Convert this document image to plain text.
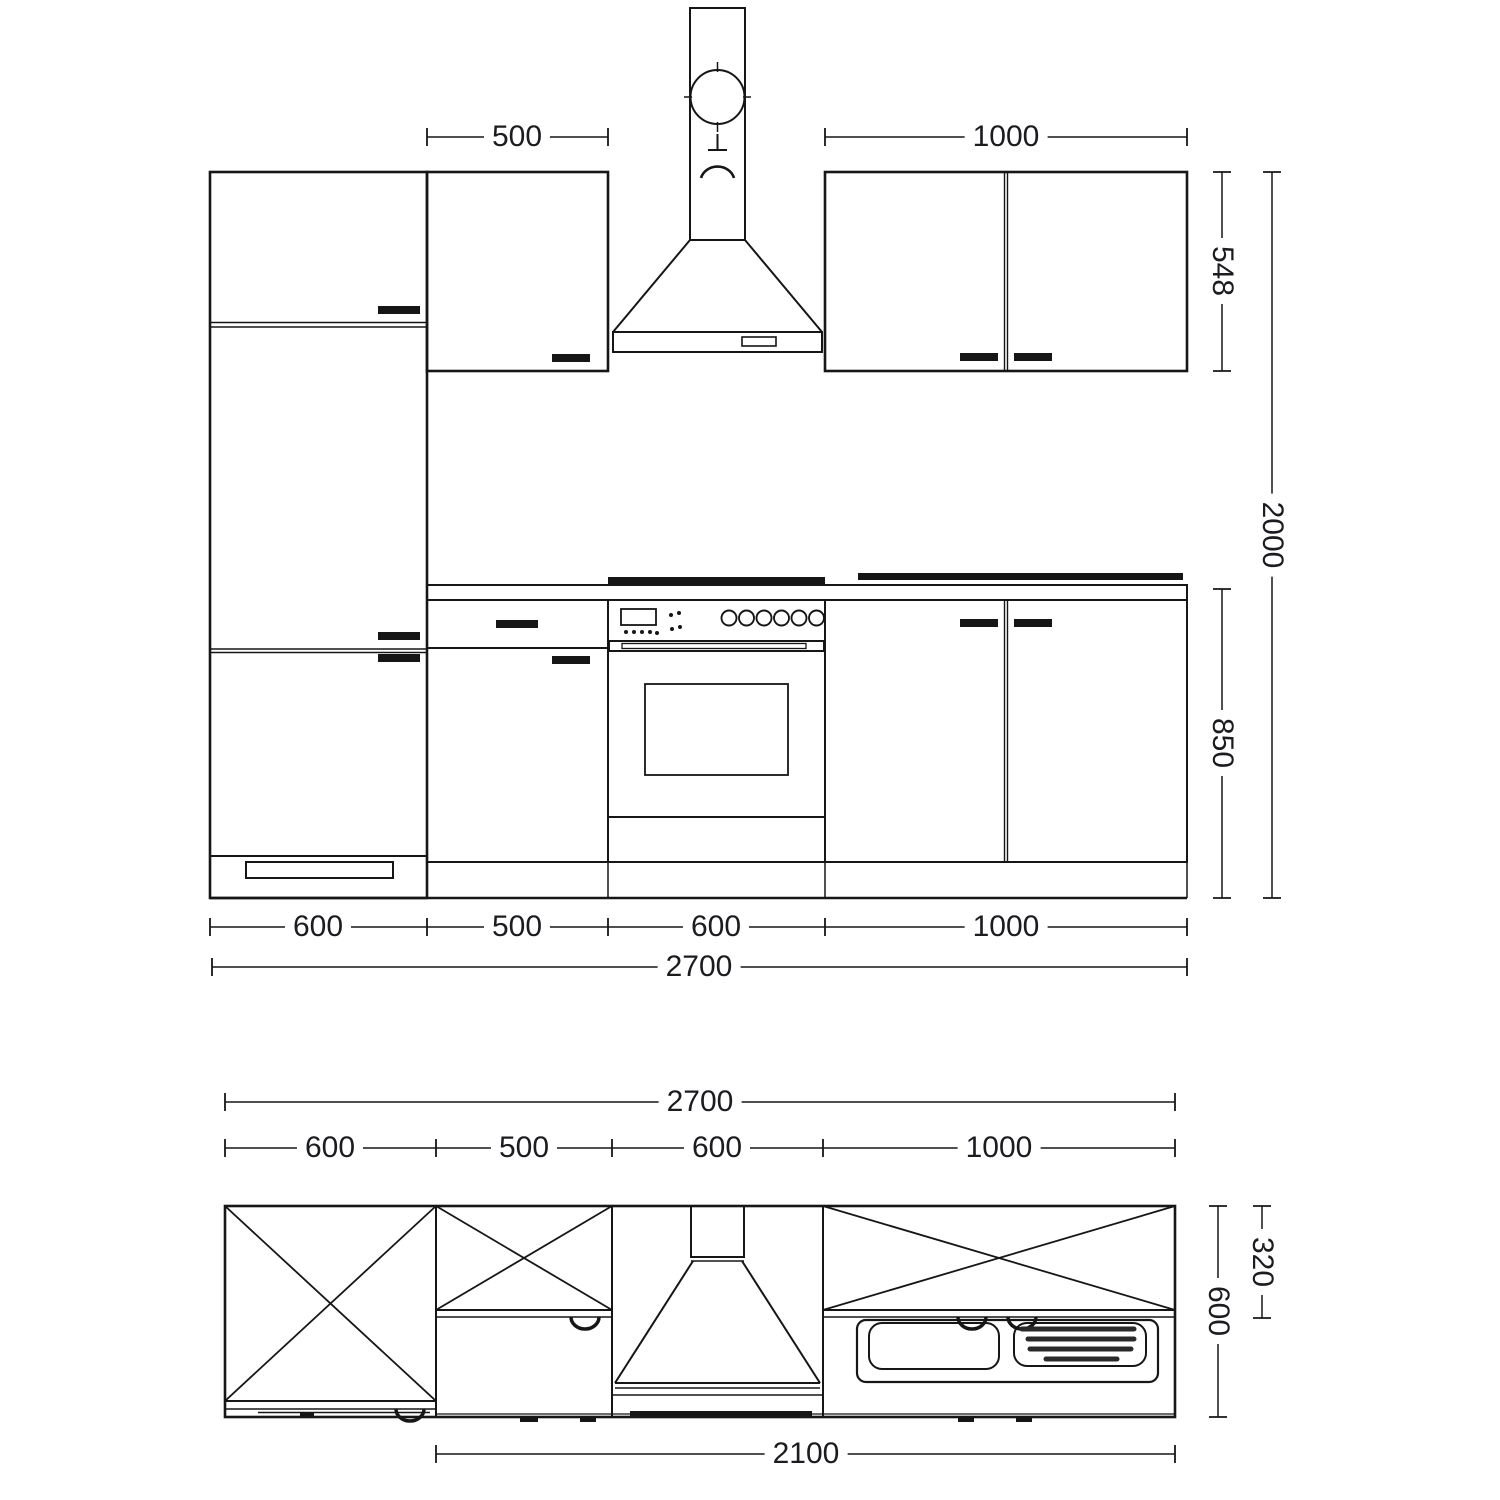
500	1000
548
2000
850
600	500	600	1000
2700
2700
600	500	600	1000
600
320
2100
